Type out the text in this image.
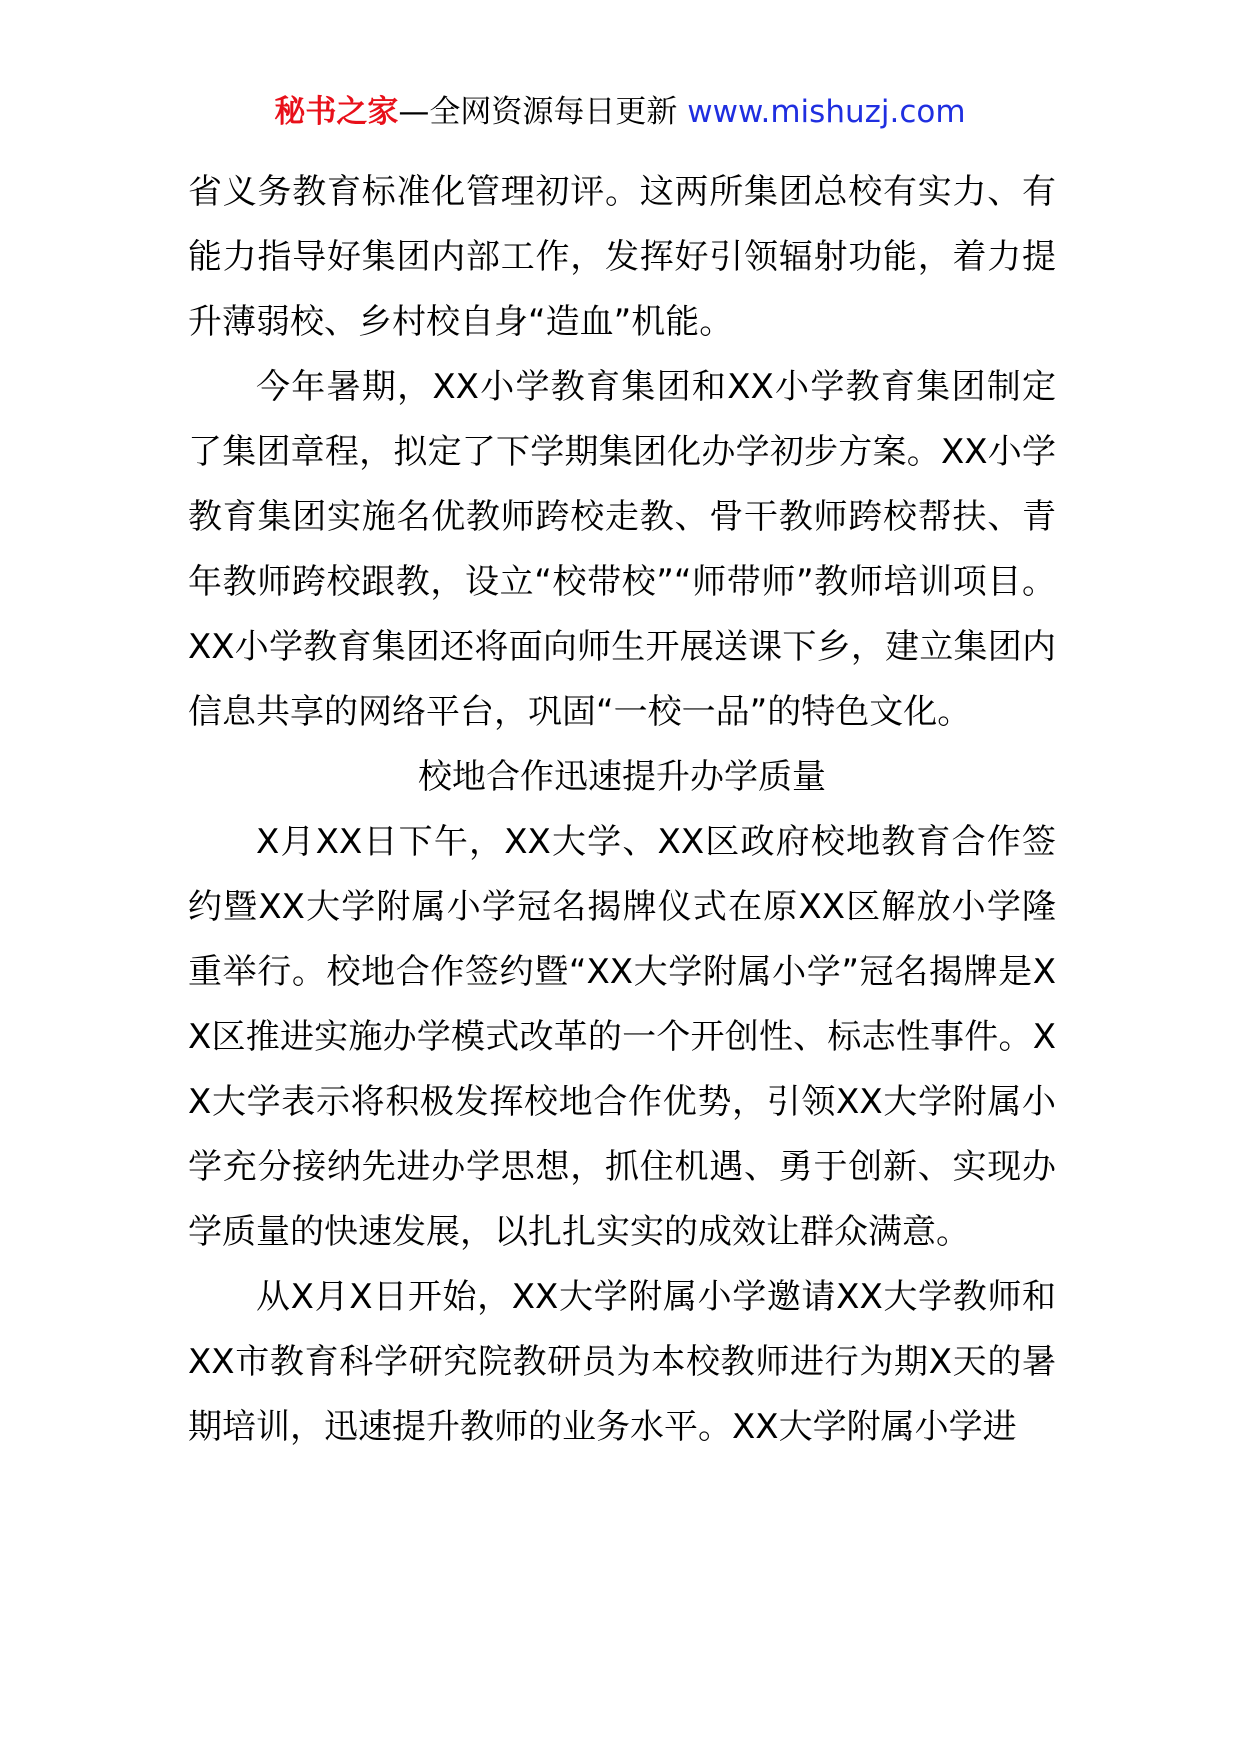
秘书之家—全网资源每日更新 www.mishuzj.com

省义务教育标准化管理初评。这两所集团总校有实力、有能力指导好集团内部工作，发挥好引领辐射功能，着力提升薄弱校、乡村校自身“造血”机能。

今年暑期，XX小学教育集团和XX小学教育集团制定了集团章程，拟定了下学期集团化办学初步方案。XX小学教育集团实施名优教师跨校走教、骨干教师跨校帮扶、青年教师跨校跟教，设立“校带校”“师带师”教师培训项目。XX小学教育集团还将面向师生开展送课下乡，建立集团内信息共享的网络平台，巩固“一校一品”的特色文化。

校地合作迅速提升办学质量

X月XX日下午，XX大学、XX区政府校地教育合作签约暨XX大学附属小学冠名揭牌仪式在原XX区解放小学隆重举行。校地合作签约暨“XX大学附属小学”冠名揭牌是XX区推进实施办学模式改革的一个开创性、标志性事件。XX大学表示将积极发挥校地合作优势，引领XX大学附属小学充分接纳先进办学思想，抓住机遇、勇于创新、实现办学质量的快速发展，以扎扎实实的成效让群众满意。

从X月X日开始，XX大学附属小学邀请XX大学教师和XX市教育科学研究院教研员为本校教师进行为期X天的暑期培训，迅速提升教师的业务水平。XX大学附属小学进
